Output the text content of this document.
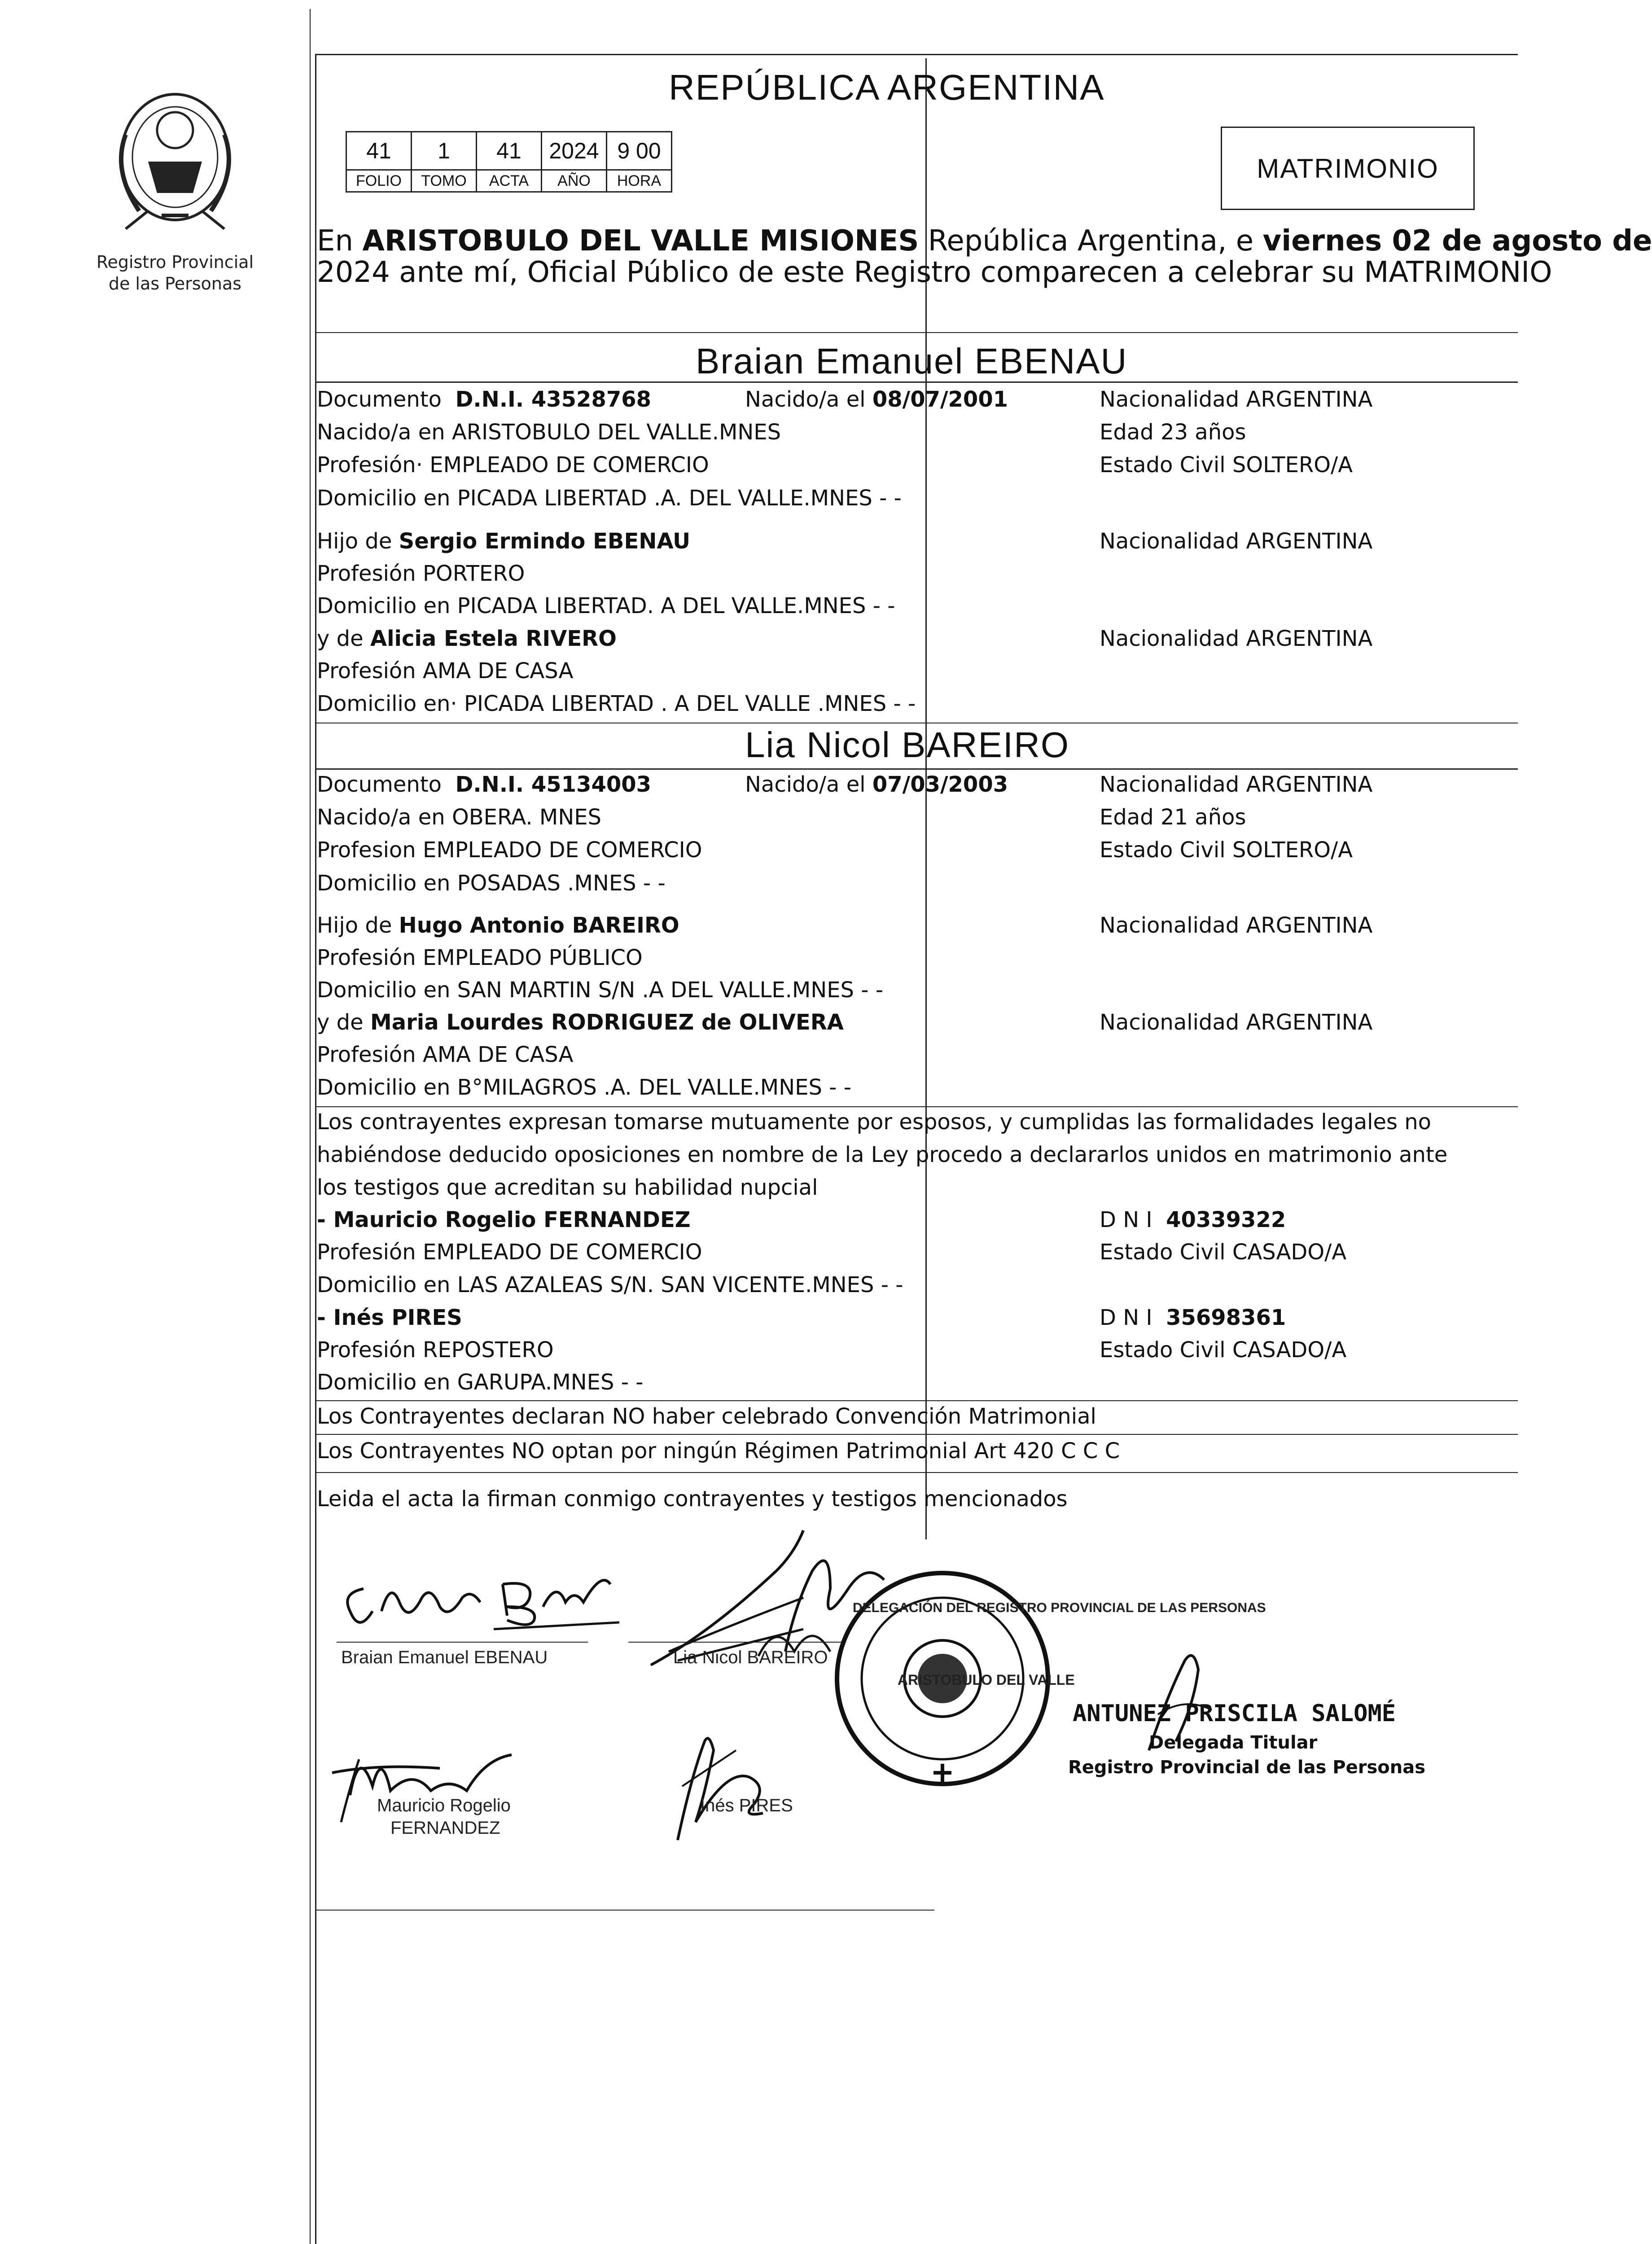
Registro Provincial
de las Personas
REPÚBLICA ARGENTINA
41	1	41	2024	9 00
FOLIO	TOMO	ACTA	AÑO	HORA	MATRIMONIO
En ARISTOBULO DEL VALLE MISIONES República Argentina, e viernes 02 de agosto de
2024 ante mí, Oficial Público de este Registro comparecen a celebrar su MATRIMONIO
Braian Emanuel EBENAU
Documento D.N.I. 43528768	Nacido/a el 08/07/2001	Nacionalidad ARGENTINA
Nacido/a en ARISTOBULO DEL VALLE.MNES	Edad 23 años
Profesión· EMPLEADO DE COMERCIO	Estado Civil SOLTERO/A
Domicilio en PICADA LIBERTAD .A. DEL VALLE.MNES - -
Hijo de Sergio Ermindo EBENAU	Nacionalidad ARGENTINA
Profesión PORTERO
Domicilio en PICADA LIBERTAD. A DEL VALLE.MNES - -
y de Alicia Estela RIVERO	Nacionalidad ARGENTINA
Profesión AMA DE CASA
Domicilio en· PICADA LIBERTAD . A DEL VALLE .MNES - -
Lia Nicol BAREIRO
Documento D.N.I. 45134003	Nacido/a el 07/03/2003	Nacionalidad ARGENTINA
Nacido/a en OBERA. MNES	Edad 21 años
Profesion EMPLEADO DE COMERCIO	Estado Civil SOLTERO/A
Domicilio en POSADAS .MNES - -
Hijo de Hugo Antonio BAREIRO	Nacionalidad ARGENTINA
Profesión EMPLEADO PÚBLICO
Domicilio en SAN MARTIN S/N .A DEL VALLE.MNES - -
y de Maria Lourdes RODRIGUEZ de OLIVERA	Nacionalidad ARGENTINA
Profesión AMA DE CASA
Domicilio en B°MILAGROS .A. DEL VALLE.MNES - -
Los contrayentes expresan tomarse mutuamente por esposos, y cumplidas las formalidades legales no
habiéndose deducido oposiciones en nombre de la Ley procedo a declararlos unidos en matrimonio ante
los testigos que acreditan su habilidad nupcial
- Mauricio Rogelio FERNANDEZ	D N I 40339322
Profesión EMPLEADO DE COMERCIO	Estado Civil CASADO/A
Domicilio en LAS AZALEAS S/N. SAN VICENTE.MNES - -
- Inés PIRES	D N I 35698361
Profesión REPOSTERO	Estado Civil CASADO/A
Domicilio en GARUPA.MNES - -
Los Contrayentes declaran NO haber celebrado Convención Matrimonial
Los Contrayentes NO optan por ningún Régimen Patrimonial Art 420 C C C
Leida el acta la firman conmigo contrayentes y testigos mencionados
Braian Emanuel EBENAU	Lia Nicol BAREIRO
Mauricio Rogelio
FERNANDEZ
Inés PIRES
DELEGACIÓN DEL REGISTRO PROVINCIAL DE LAS PERSONAS
ARISTOBULO DEL VALLE
ANTUNEZ PRISCILA SALOMÉ
Delegada Titular
Registro Provincial de las Personas
